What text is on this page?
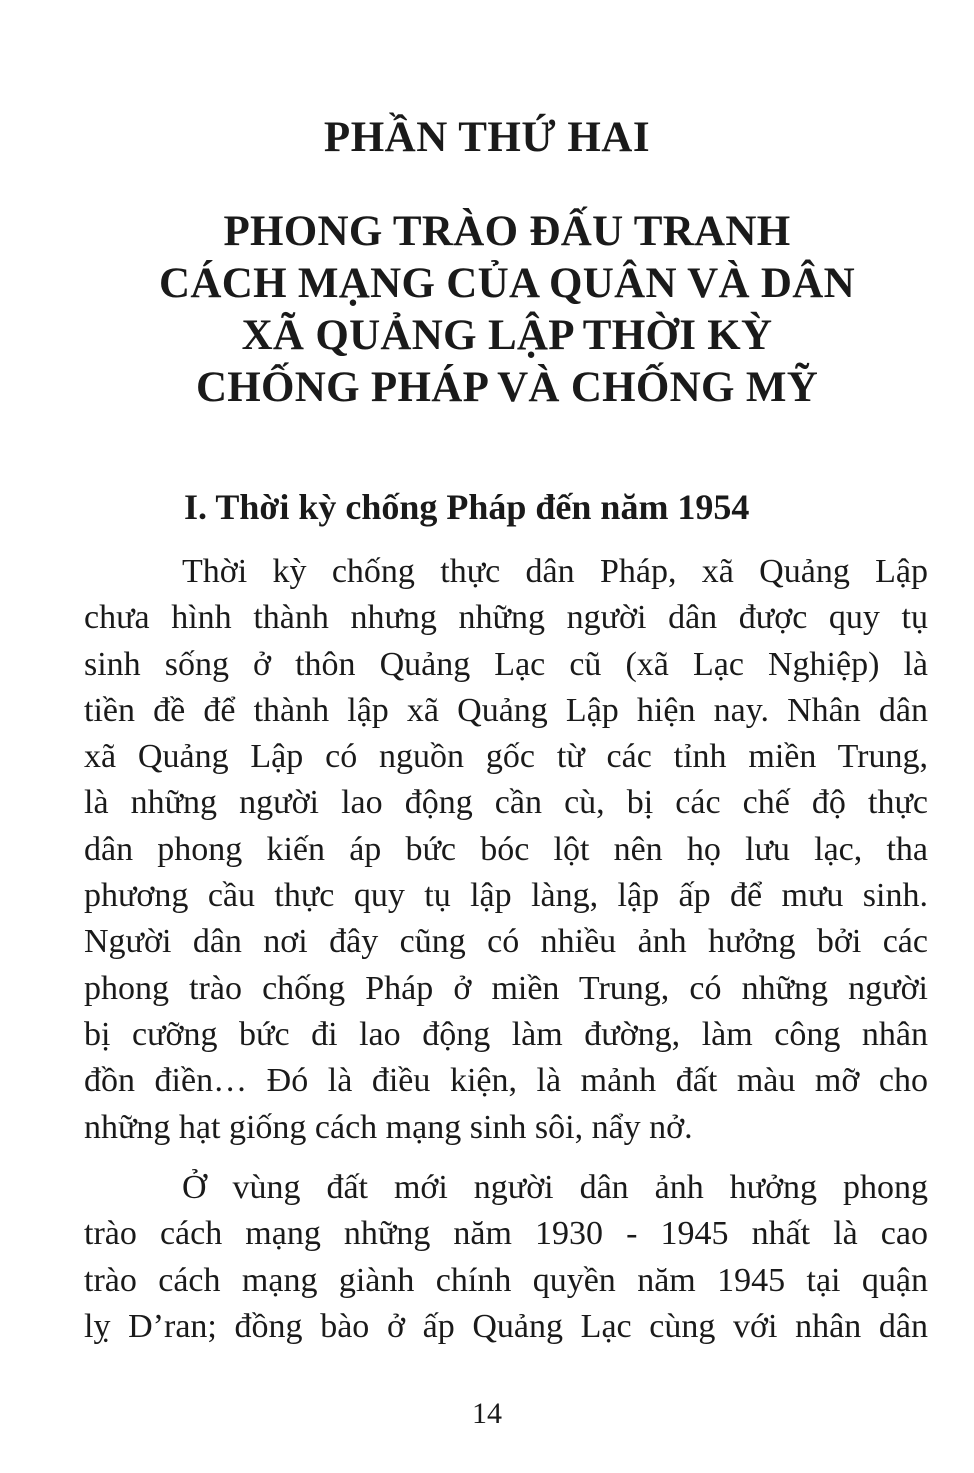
PHẦN THỨ HAI
PHONG TRÀO ĐẤU TRANH
CÁCH MẠNG CỦA QUÂN VÀ DÂN
XÃ QUẢNG LẬP THỜI KỲ
CHỐNG PHÁP VÀ CHỐNG MỸ
I. Thời kỳ chống Pháp đến năm 1954
Thời kỳ chống thực dân Pháp, xã Quảng Lập
chưa hình thành nhưng những người dân được quy tụ
sinh sống ở thôn Quảng Lạc cũ (xã Lạc Nghiệp) là
tiền đề để thành lập xã Quảng Lập hiện nay. Nhân dân
xã Quảng Lập có nguồn gốc từ các tỉnh miền Trung,
là những người lao động cần cù, bị các chế độ thực
dân phong kiến áp bức bóc lột nên họ lưu lạc, tha
phương cầu thực quy tụ lập làng, lập ấp để mưu sinh.
Người dân nơi đây cũng có nhiều ảnh hưởng bởi các
phong trào chống Pháp ở miền Trung, có những người
bị cưỡng bức đi lao động làm đường, làm công nhân
đồn điền… Đó là điều kiện, là mảnh đất màu mỡ cho
những hạt giống cách mạng sinh sôi, nẩy nở.
Ở vùng đất mới người dân ảnh hưởng phong
trào cách mạng những năm 1930 - 1945 nhất là cao
trào cách mạng giành chính quyền năm 1945 tại quận
lỵ D’ran; đồng bào ở ấp Quảng Lạc cùng với nhân dân
14
